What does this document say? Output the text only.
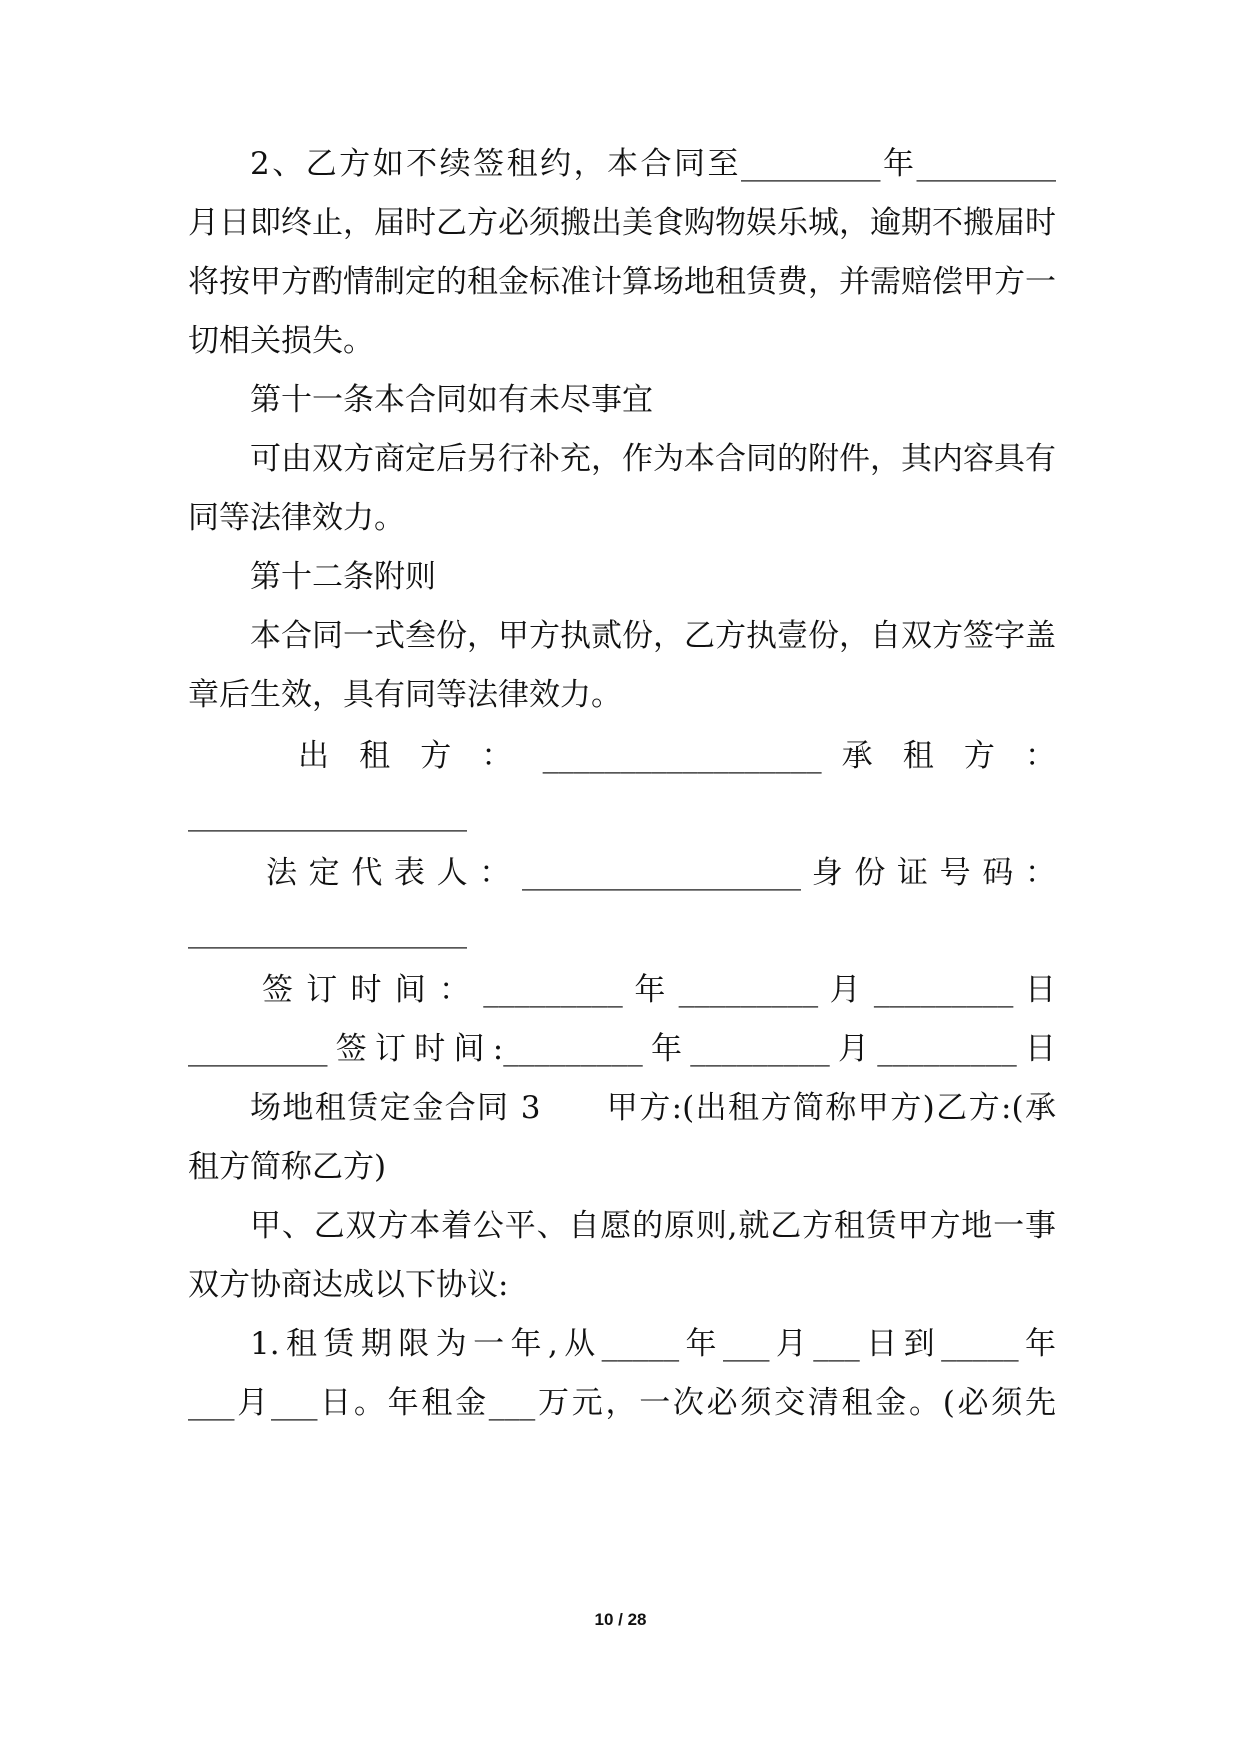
2、乙方如不续签租约，本合同至_________年_________
月日即终止，届时乙方必须搬出美食购物娱乐城，逾期不搬届时
将按甲方酌情制定的租金标准计算场地租赁费，并需赔偿甲方一
切相关损失。
第十一条本合同如有未尽事宜
可由双方商定后另行补充，作为本合同的附件，其内容具有
同等法律效力。
第十二条附则
本合同一式叁份，甲方执贰份，乙方执壹份，自双方签字盖
章后生效，具有同等法律效力。
出 租 方 ： __________________ 承 租 方 ：
__________________
法 定 代 表 人 ： __________________ 身 份 证 号 码 ：
__________________
签 订 时 间 ： _________ 年 _________ 月 _________ 日
_________签订时间:_________年_________月_________日
场地租赁定金合同 3　　甲方:(出租方简称甲方)乙方:(承
租方简称乙方)
甲、乙双方本着公平、自愿的原则,就乙方租赁甲方地一事
双方协商达成以下协议:
1.租赁期限为一年,从_____年___月___日到_____年
___月___日。年租金___万元，一次必须交清租金。(必须先
10 / 28
